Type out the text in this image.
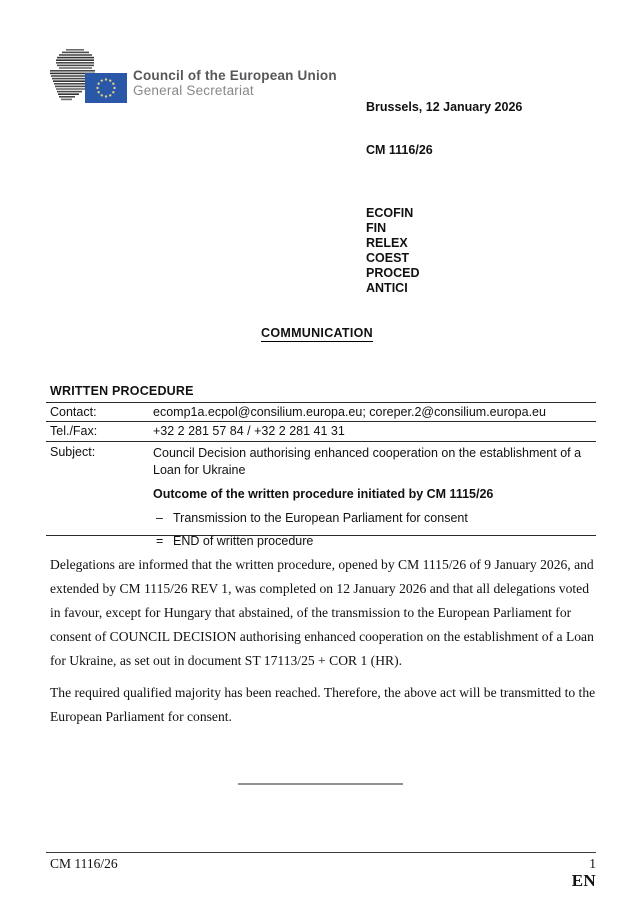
Council of the European Union
General Secretariat
Brussels, 12 January 2026
CM 1116/26
ECOFIN
FIN
RELEX
COEST
PROCED
ANTICI
COMMUNICATION
WRITTEN PROCEDURE
Contact:	ecomp1a.ecpol@consilium.europa.eu; coreper.2@consilium.europa.eu
Tel./Fax:	+32 2 281 57 84 / +32 2 281 41 31
Subject:	Council Decision authorising enhanced cooperation on the establishment of a Loan for Ukraine
Outcome of the written procedure initiated by CM 1115/26
– Transmission to the European Parliament for consent
= END of written procedure

Delegations are informed that the written procedure, opened by CM 1115/26 of 9 January 2026, and extended by CM 1115/26 REV 1, was completed on 12 January 2026 and that all delegations voted in favour, except for Hungary that abstained, of the transmission to the European Parliament for consent of COUNCIL DECISION authorising enhanced cooperation on the establishment of a Loan for Ukraine, as set out in document ST 17113/25 + COR 1 (HR).

The required qualified majority has been reached. Therefore, the above act will be transmitted to the European Parliament for consent.

CM 1116/26	1
EN
